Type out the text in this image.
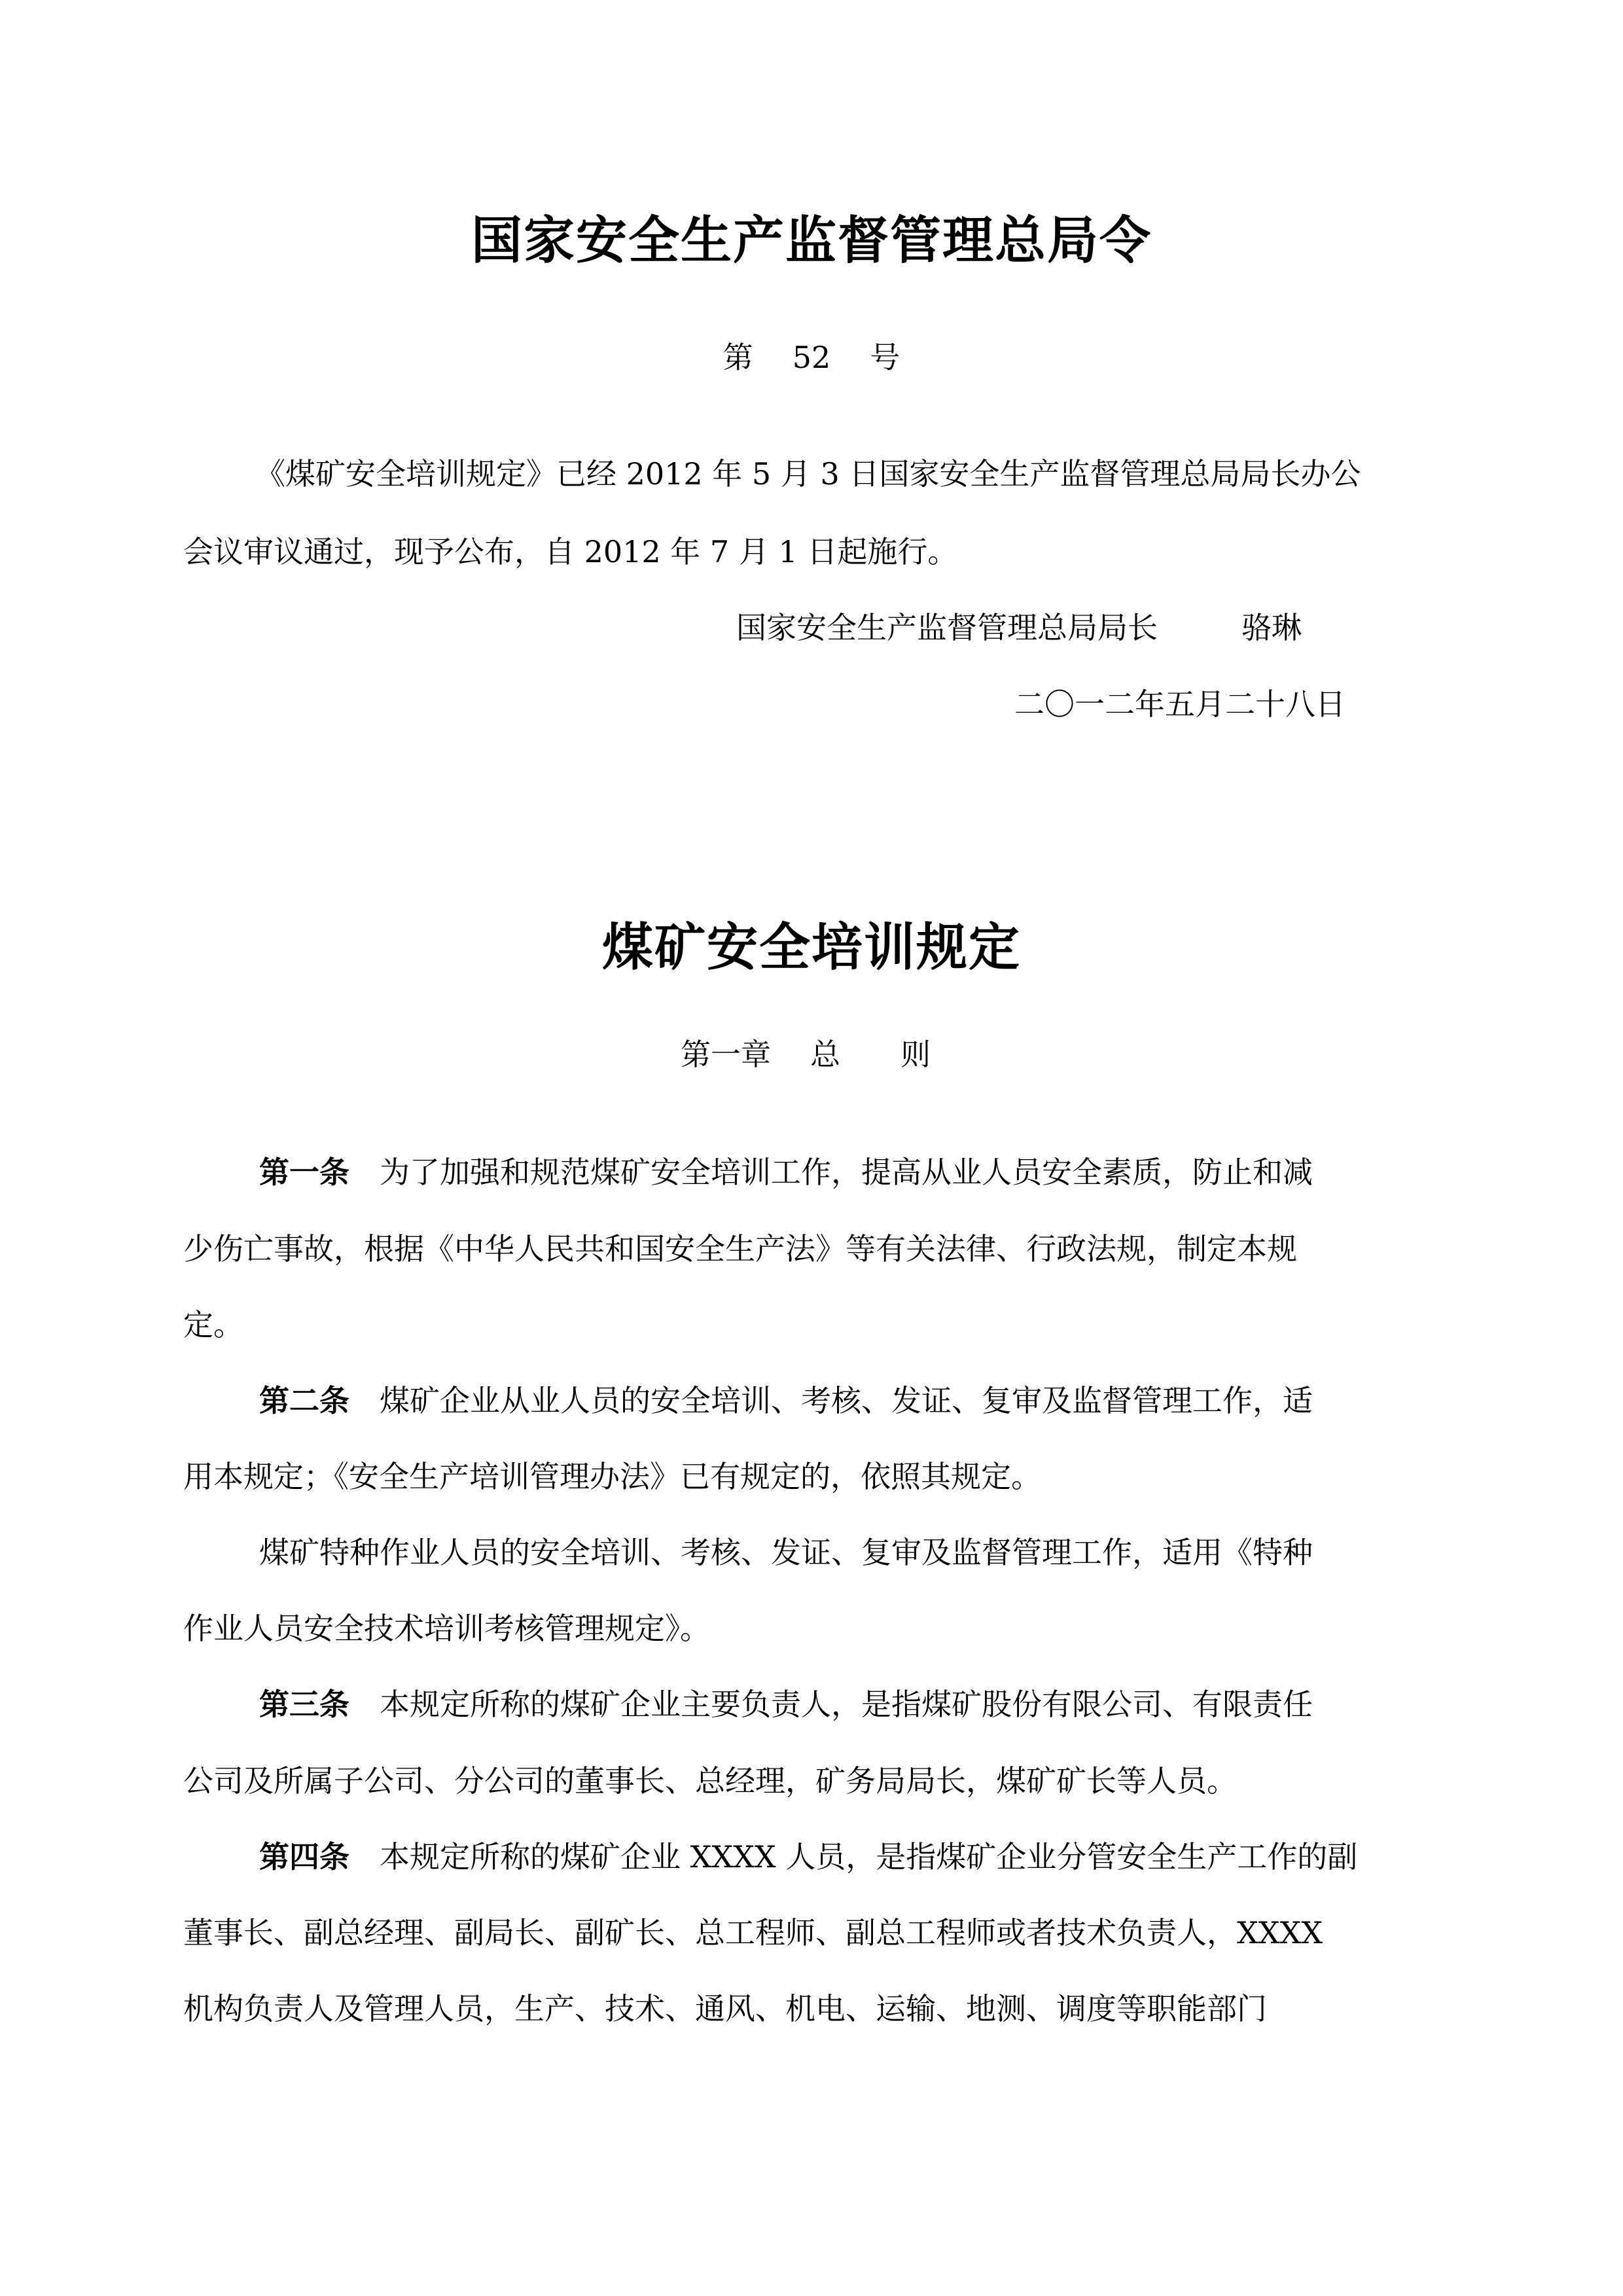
国家安全生产监督管理总局令
第 52 号

《煤矿安全培训规定》已经 2012 年 5 月 3 日国家安全生产监督管理总局局长办公

会议审议通过，现予公布，自 2012 年 7 月 1 日起施行。

国家安全生产监督管理总局局长	骆琳

二〇一二年五月二十八日

煤矿安全培训规定
第一章 总 则

第一条 为了加强和规范煤矿安全培训工作，提高从业人员安全素质，防止和减

少伤亡事故，根据《中华人民共和国安全生产法》等有关法律、行政法规，制定本规

定。

第二条 煤矿企业从业人员的安全培训、考核、发证、复审及监督管理工作，适

用本规定；《安全生产培训管理办法》已有规定的，依照其规定。

煤矿特种作业人员的安全培训、考核、发证、复审及监督管理工作，适用《特种

作业人员安全技术培训考核管理规定》。

第三条 本规定所称的煤矿企业主要负责人，是指煤矿股份有限公司、有限责任

公司及所属子公司、分公司的董事长、总经理，矿务局局长，煤矿矿长等人员。

第四条 本规定所称的煤矿企业 XXXX 人员，是指煤矿企业分管安全生产工作的副

董事长、副总经理、副局长、副矿长、总工程师、副总工程师或者技术负责人，XXXX

机构负责人及管理人员，生产、技术、通风、机电、运输、地测、调度等职能部门
